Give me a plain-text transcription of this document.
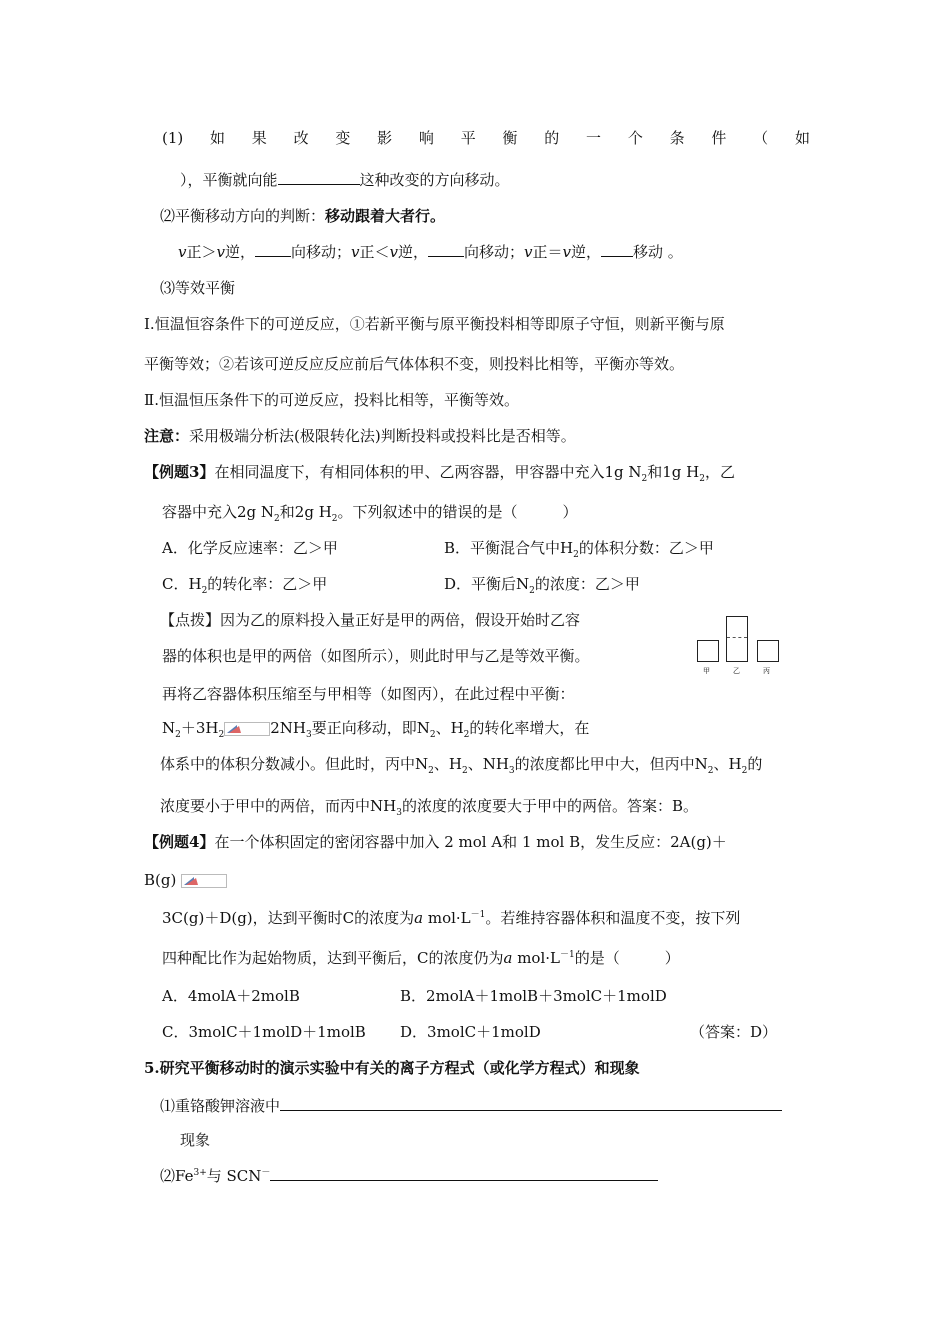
(1) 如 果 改 变 影 响 平 衡 的 一 个 条 件 （ 如
），平衡就向能	这种改变的方向移动。
⑵平衡移动方向的判断：移动跟着大者行。
v正＞v逆， 向移动；v正＜v逆， 向移动；v正＝v逆， 移动 。
⑶等效平衡
Ⅰ.恒温恒容条件下的可逆反应，①若新平衡与原平衡投料相等即原子守恒，则新平衡与原
平衡等效；②若该可逆反应反应前后气体体积不变，则投料比相等，平衡亦等效。
Ⅱ.恒温恒压条件下的可逆反应，投料比相等，平衡等效。
注意：采用极端分析法(极限转化法)判断投料或投料比是否相等。
【例题3】在相同温度下，有相同体积的甲、乙两容器，甲容器中充入1g $N_2$和1g $H_2$，乙
容器中充入2g $N_2$和2g $H_2$。下列叙述中的错误的是（　　　）
A．化学反应速率：乙＞甲	B．平衡混合气中$H_2$的体积分数：乙＞甲
C．$H_2$的转化率：乙＞甲	D．平衡后$N_2$的浓度：乙＞甲
【点拨】因为乙的原料投入量正好是甲的两倍，假设开始时乙容
器的体积也是甲的两倍（如图所示），则此时甲与乙是等效平衡。
再将乙容器体积压缩至与甲相等（如图丙），在此过程中平衡：
$N_2+3H_2$	$2NH_3$要正向移动，即$N_2$、$H_2$的转化率增大，在
体系中的体积分数减小。但此时，丙中$N_2$、$H_2$、$NH_3$的浓度都比甲中大，但丙中$N_2$、$H_2$的
浓度要小于甲中的两倍，而丙中$NH_3$的浓度的浓度要大于甲中的两倍。答案：B。
甲	乙	丙
【例题4】在一个体积固定的密闭容器中加入 2 mol A和 1 mol B，发生反应：2A(g)＋
B(g)
3C(g)＋D(g)，达到平衡时C的浓度为a $mol\cdot L^{-1}$。若维持容器体积和温度不变，按下列
四种配比作为起始物质，达到平衡后，C的浓度仍为a $mol\cdot L^{-1}$的是（　　　）
A．4molA＋2molB	B．2molA＋1molB＋3molC＋1molD
C．3molC＋1molD＋1molB D．3molC＋1molD	（答案：D）
5.研究平衡移动时的演示实验中有关的离子方程式（或化学方程式）和现象
⑴重铬酸钾溶液中
现象
$⑵Fe^{3+}$与 SCN－
